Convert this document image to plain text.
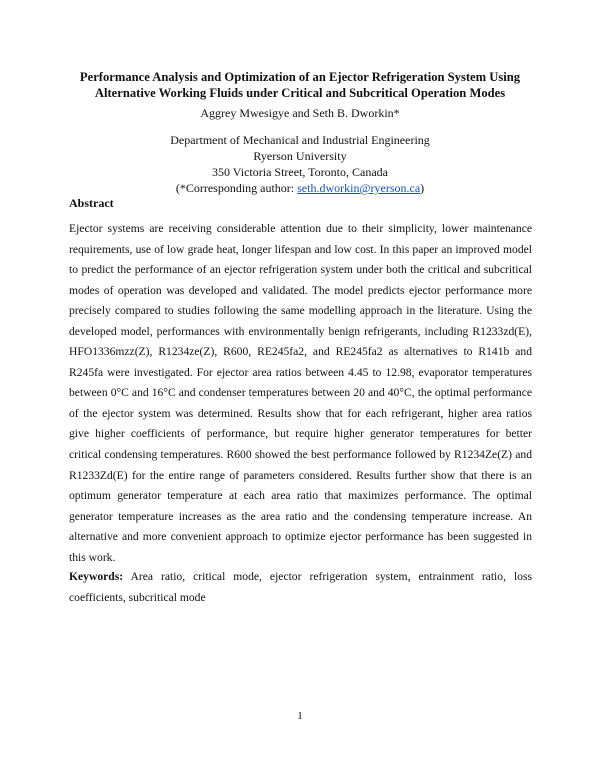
Performance Analysis and Optimization of an Ejector Refrigeration System Using
Alternative Working Fluids under Critical and Subcritical Operation Modes
Aggrey Mwesigye and Seth B. Dworkin*
Department of Mechanical and Industrial Engineering
Ryerson University
350 Victoria Street, Toronto, Canada
(*Corresponding author: seth.dworkin@ryerson.ca)
Abstract
Ejector systems are receiving considerable attention due to their simplicity, lower maintenance
requirements, use of low grade heat, longer lifespan and low cost. In this paper an improved model
to predict the performance of an ejector refrigeration system under both the critical and subcritical
modes of operation was developed and validated. The model predicts ejector performance more
precisely compared to studies following the same modelling approach in the literature. Using the
developed model, performances with environmentally benign refrigerants, including R1233zd(E),
HFO1336mzz(Z), R1234ze(Z), R600, RE245fa2, and RE245fa2 as alternatives to R141b and
R245fa were investigated. For ejector area ratios between 4.45 to 12.98, evaporator temperatures
between 0°C and 16°C and condenser temperatures between 20 and 40°C, the optimal performance
of the ejector system was determined. Results show that for each refrigerant, higher area ratios
give higher coefficients of performance, but require higher generator temperatures for better
critical condensing temperatures. R600 showed the best performance followed by R1234Ze(Z) and
R1233Zd(E) for the entire range of parameters considered. Results further show that there is an
optimum generator temperature at each area ratio that maximizes performance. The optimal
generator temperature increases as the area ratio and the condensing temperature increase. An
alternative and more convenient approach to optimize ejector performance has been suggested in
this work.
Keywords: Area ratio, critical mode, ejector refrigeration system, entrainment ratio, loss
coefficients, subcritical mode
1
